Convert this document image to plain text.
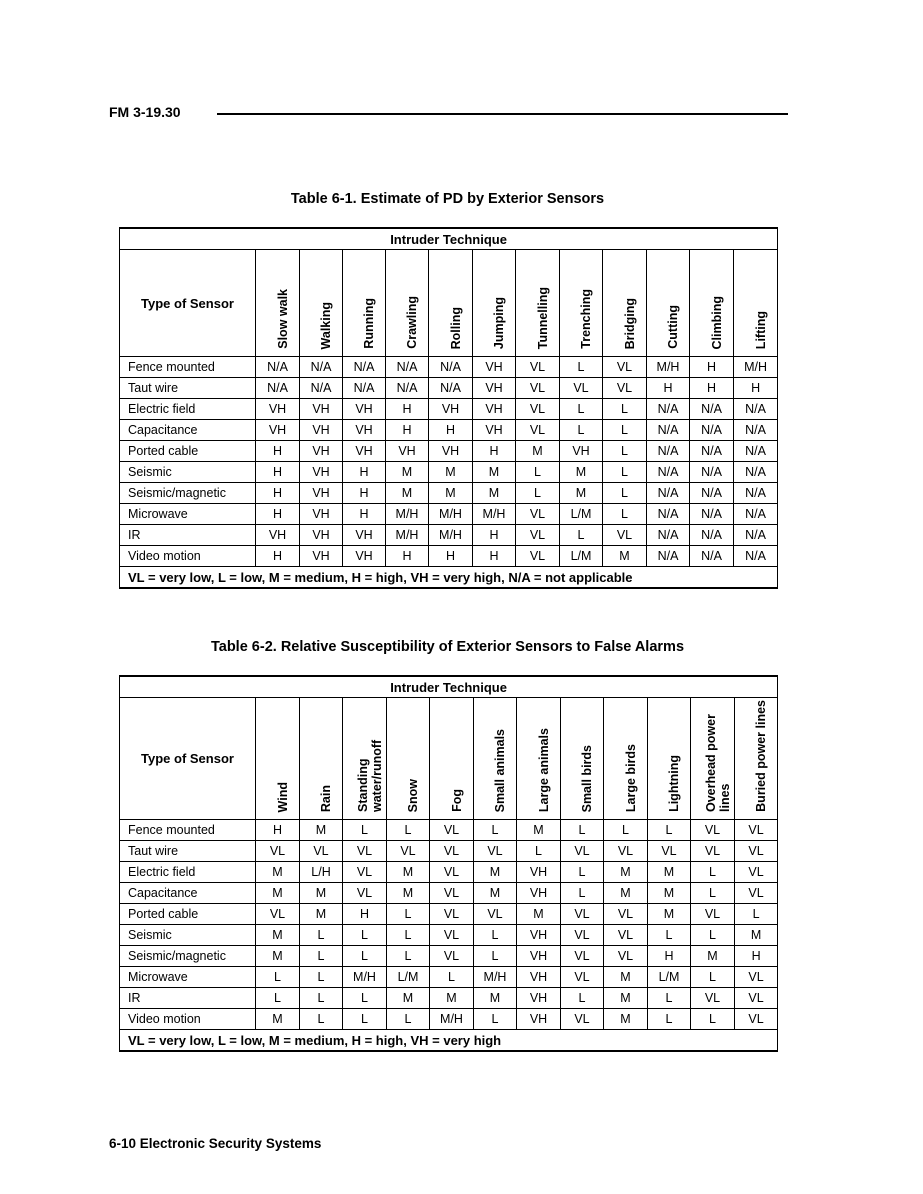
FM 3-19.30
Table 6-1. Estimate of PD by Exterior Sensors
Intruder Technique												
Type of Sensor	Slow walk	Walking	Running	Crawling	Rolling	Jumping	Tunnelling	Trenching	Bridging	Cutting	Climbing	Lifting
Fence mounted	N/A	N/A	N/A	N/A	N/A	VH	VL	L	VL	M/H	H	M/H
Taut wire	N/A	N/A	N/A	N/A	N/A	VH	VL	VL	VL	H	H	H
Electric field	VH	VH	VH	H	VH	VH	VL	L	L	N/A	N/A	N/A
Capacitance	VH	VH	VH	H	H	VH	VL	L	L	N/A	N/A	N/A
Ported cable	H	VH	VH	VH	VH	H	M	VH	L	N/A	N/A	N/A
Seismic	H	VH	H	M	M	M	L	M	L	N/A	N/A	N/A
Seismic/magnetic	H	VH	H	M	M	M	L	M	L	N/A	N/A	N/A
Microwave	H	VH	H	M/H	M/H	M/H	VL	L/M	L	N/A	N/A	N/A
IR	VH	VH	VH	M/H	M/H	H	VL	L	VL	N/A	N/A	N/A
Video motion	H	VH	VH	H	H	H	VL	L/M	M	N/A	N/A	N/A
VL = very low, L = low, M = medium, H = high, VH = very high, N/A = not applicable												
Table 6-2. Relative Susceptibility of Exterior Sensors to False Alarms
Intruder Technique												
Type of Sensor	Wind	Rain	Standing water/runoff	Snow	Fog	Small animals	Large animals	Small birds	Large birds	Lightning	Overhead power lines	Buried power lines
Fence mounted	H	M	L	L	VL	L	M	L	L	L	VL	VL
Taut wire	VL	VL	VL	VL	VL	VL	L	VL	VL	VL	VL	VL
Electric field	M	L/H	VL	M	VL	M	VH	L	M	M	L	VL
Capacitance	M	M	VL	M	VL	M	VH	L	M	M	L	VL
Ported cable	VL	M	H	L	VL	VL	M	VL	VL	M	VL	L
Seismic	M	L	L	L	VL	L	VH	VL	VL	L	L	M
Seismic/magnetic	M	L	L	L	VL	L	VH	VL	VL	H	M	H
Microwave	L	L	M/H	L/M	L	M/H	VH	VL	M	L/M	L	VL
IR	L	L	L	M	M	M	VH	L	M	L	VL	VL
Video motion	M	L	L	L	M/H	L	VH	VL	M	L	L	VL
VL = very low, L = low, M = medium, H = high, VH = very high												
6-10 Electronic Security Systems
